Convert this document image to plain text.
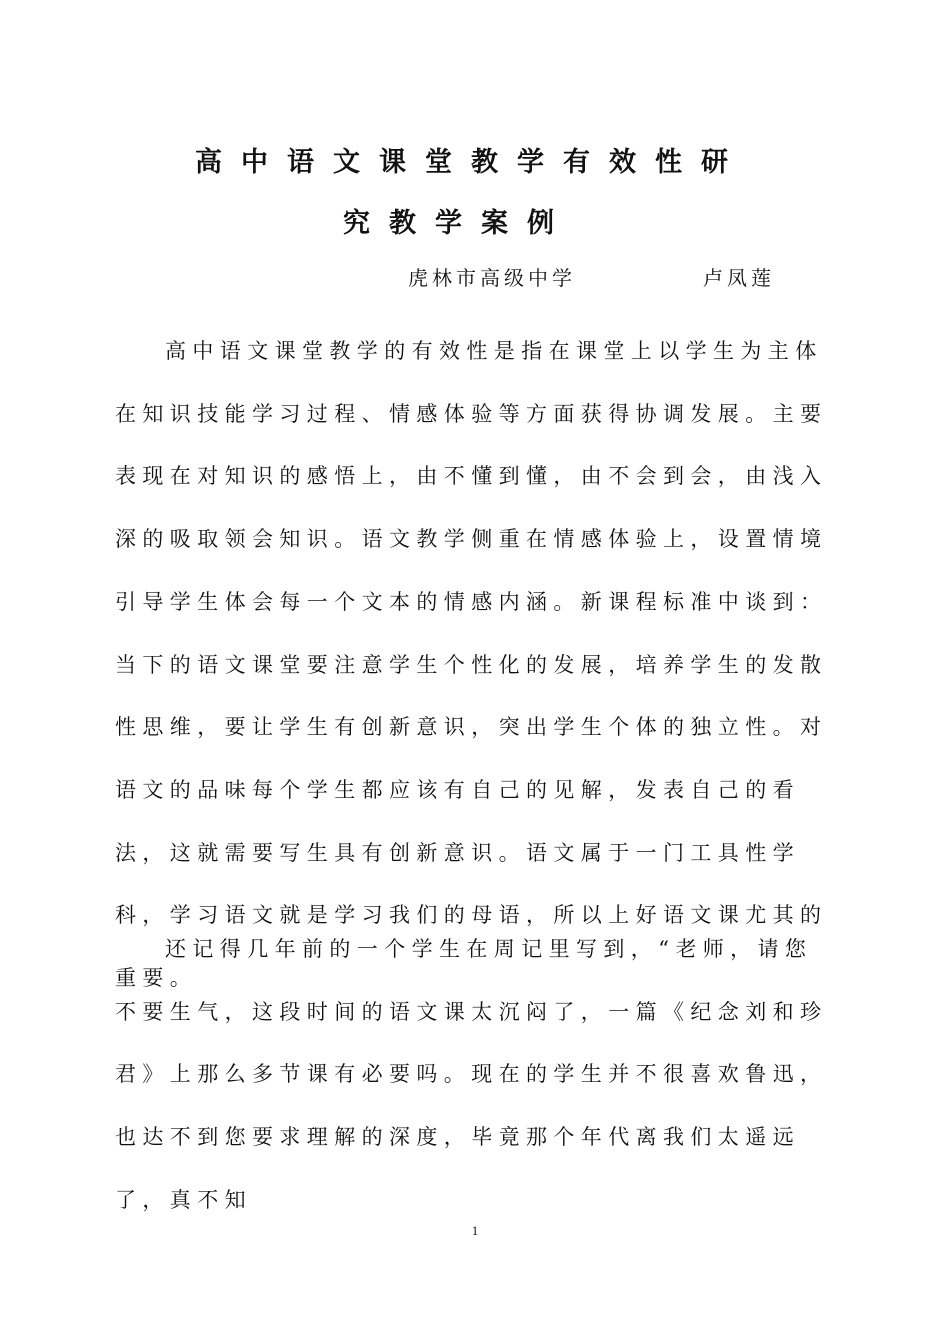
高中语文课堂教学有效性研
究教学案例
虎林市高级中学	卢凤莲

高中语文课堂教学的有效性是指在课堂上以学生为主体在知识技能学习过程、情感体验等方面获得协调发展。主要表现在对知识的感悟上，由不懂到懂，由不会到会，由浅入深的吸取领会知识。语文教学侧重在情感体验上，设置情境引导学生体会每一个文本的情感内涵。新课程标准中谈到：当下的语文课堂要注意学生个性化的发展，培养学生的发散性思维，要让学生有创新意识，突出学生个体的独立性。对语文的品味每个学生都应该有自己的见解，发表自己的看法，这就需要写生具有创新意识。语文属于一门工具性学科，学习语文就是学习我们的母语，所以上好语文课尤其的重要。

还记得几年前的一个学生在周记里写到，“老师，请您不要生气，这段时间的语文课太沉闷了，一篇《纪念刘和珍君》上那么多节课有必要吗。现在的学生并不很喜欢鲁迅，也达不到您要求理解的深度，毕竟那个年代离我们太遥远了，真不知

1
